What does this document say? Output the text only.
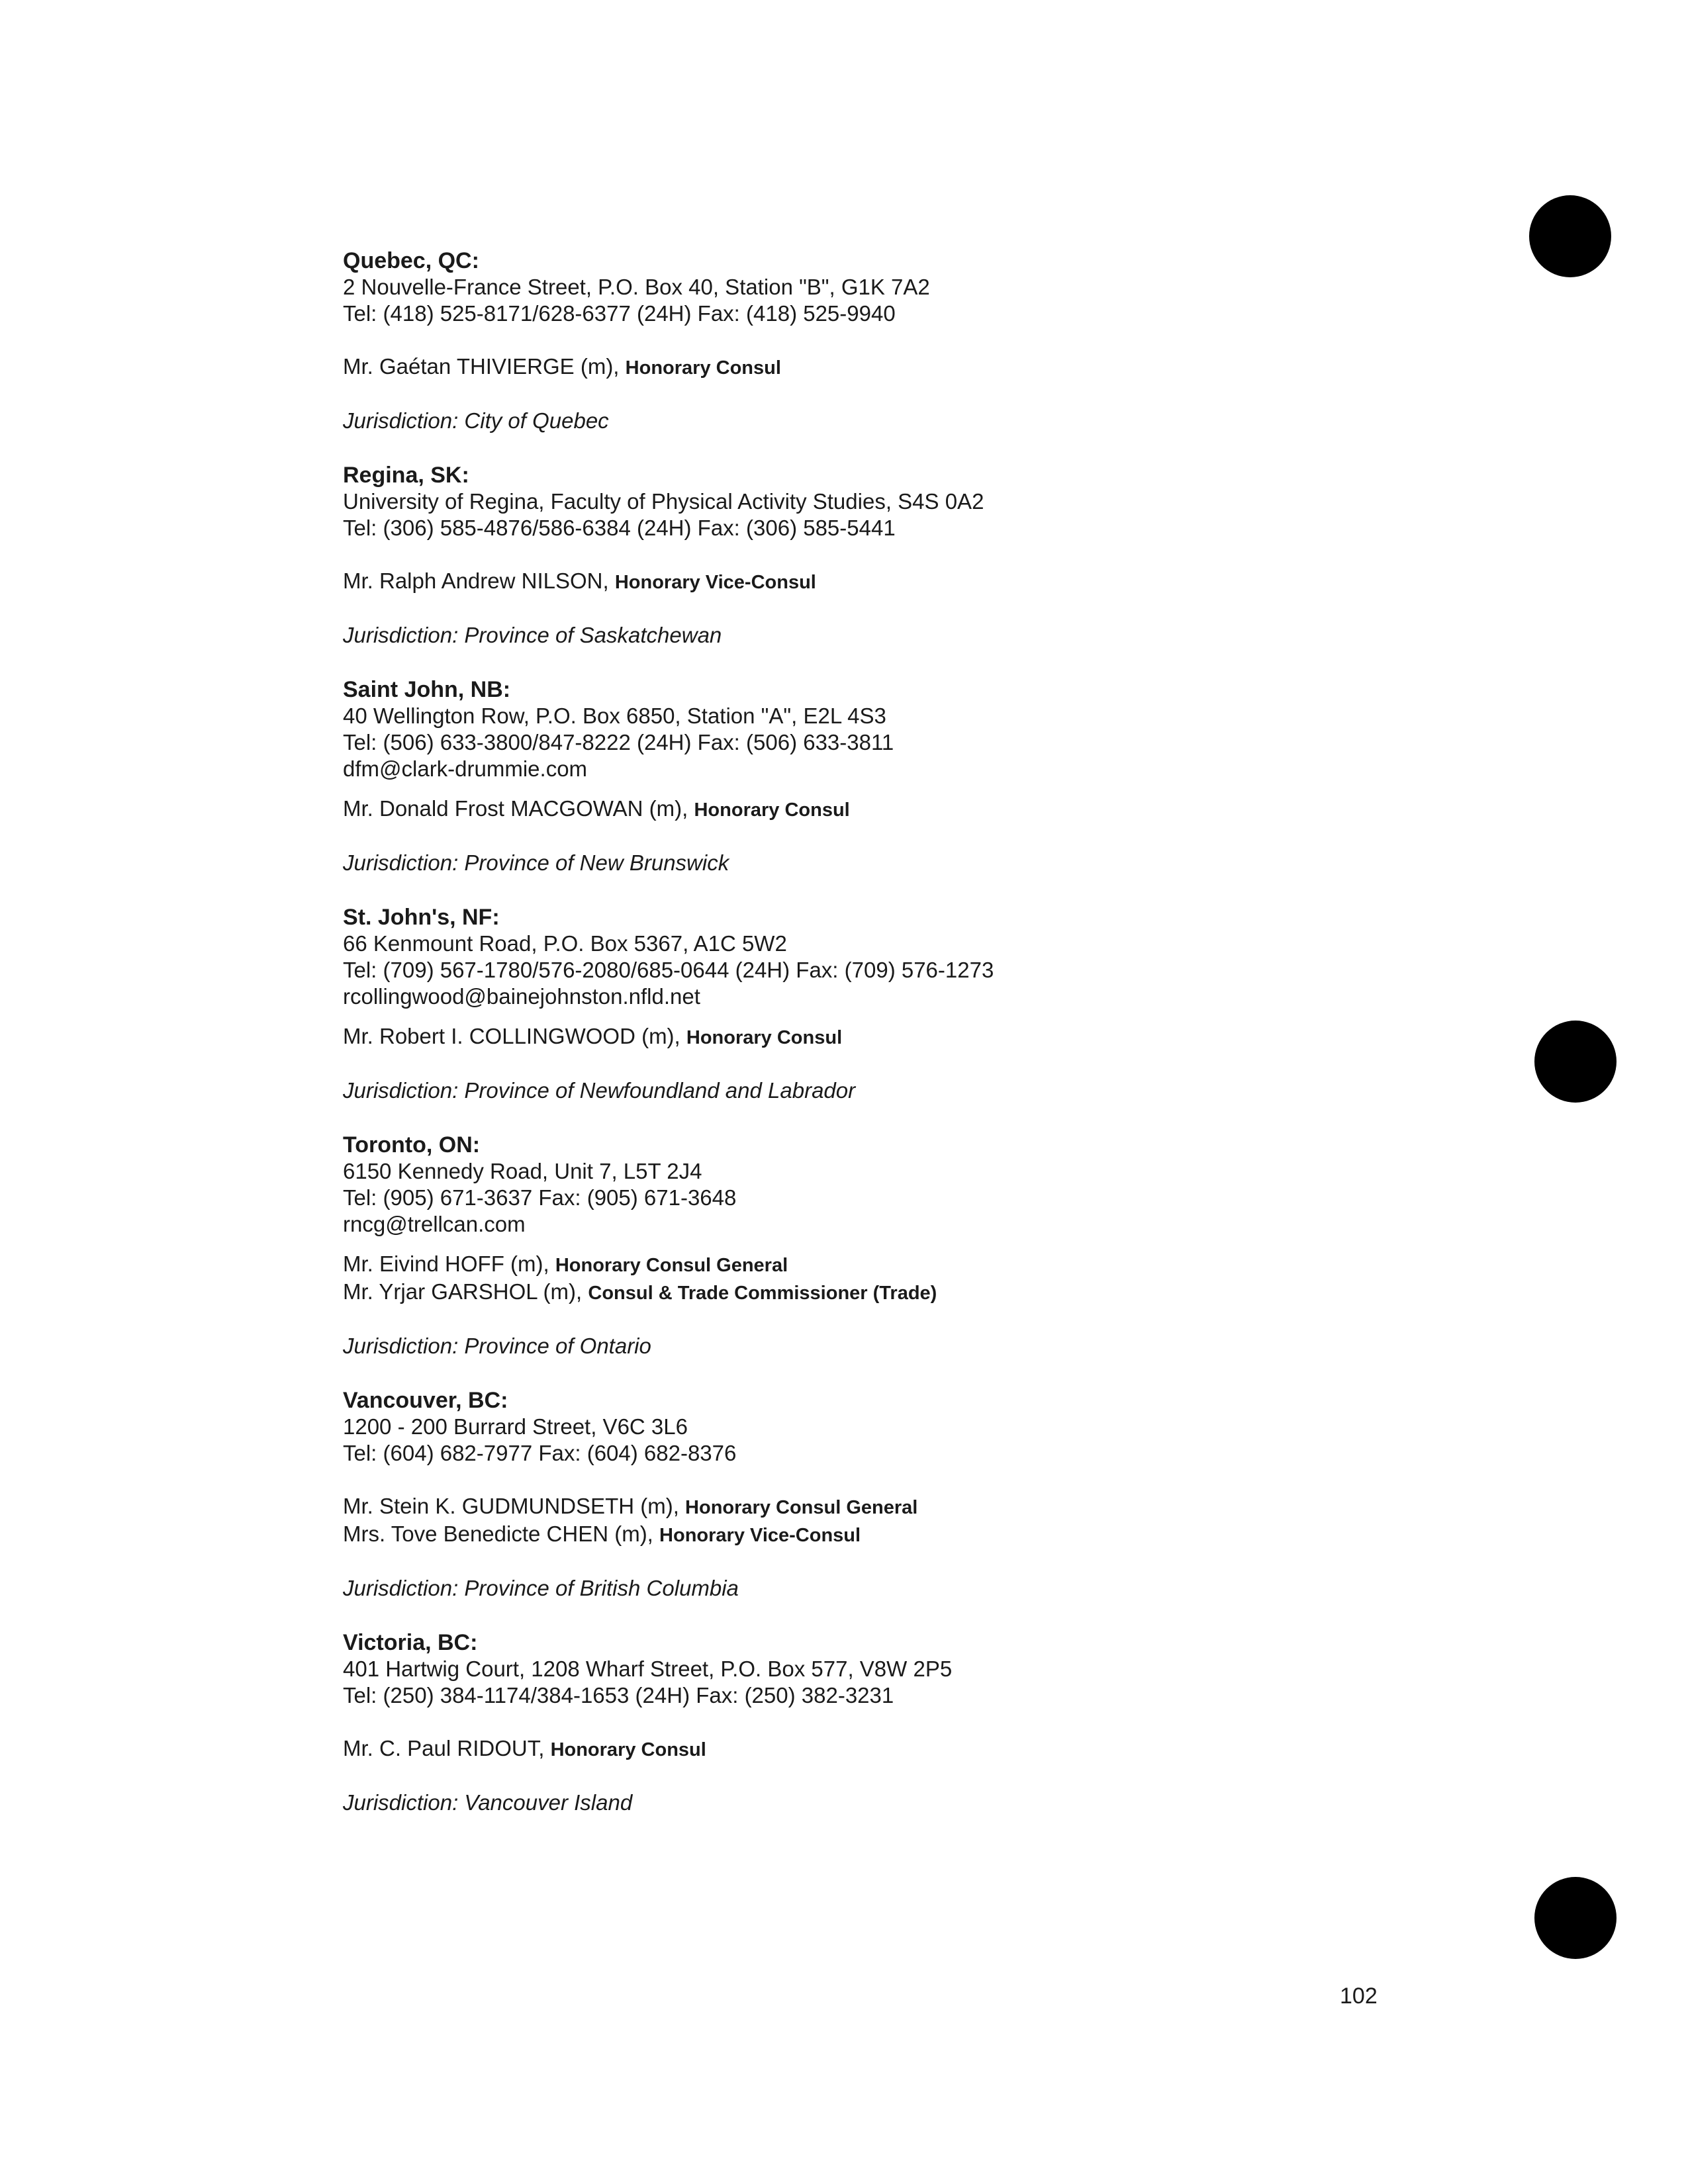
Quebec, QC:
2 Nouvelle-France Street, P.O. Box 40, Station "B", G1K 7A2
Tel: (418) 525-8171/628-6377 (24H) Fax: (418) 525-9940
Mr. Gaétan THIVIERGE (m), Honorary Consul
Jurisdiction: City of Quebec
Regina, SK:
University of Regina, Faculty of Physical Activity Studies, S4S 0A2
Tel: (306) 585-4876/586-6384 (24H) Fax: (306) 585-5441
Mr. Ralph Andrew NILSON, Honorary Vice-Consul
Jurisdiction: Province of Saskatchewan
Saint John, NB:
40 Wellington Row, P.O. Box 6850, Station "A", E2L 4S3
Tel: (506) 633-3800/847-8222 (24H) Fax: (506) 633-3811
dfm@clark-drummie.com
Mr. Donald Frost MACGOWAN (m), Honorary Consul
Jurisdiction: Province of New Brunswick
St. John's, NF:
66 Kenmount Road, P.O. Box 5367, A1C 5W2
Tel: (709) 567-1780/576-2080/685-0644 (24H) Fax: (709) 576-1273
rcollingwood@bainejohnston.nfld.net
Mr. Robert I. COLLINGWOOD (m), Honorary Consul
Jurisdiction: Province of Newfoundland and Labrador
Toronto, ON:
6150 Kennedy Road, Unit 7, L5T 2J4
Tel: (905) 671-3637 Fax: (905) 671-3648
rncg@trellcan.com
Mr. Eivind HOFF (m), Honorary Consul General
Mr. Yrjar GARSHOL (m), Consul & Trade Commissioner (Trade)
Jurisdiction: Province of Ontario
Vancouver, BC:
1200 - 200 Burrard Street, V6C 3L6
Tel: (604) 682-7977 Fax: (604) 682-8376
Mr. Stein K. GUDMUNDSETH (m), Honorary Consul General
Mrs. Tove Benedicte CHEN (m), Honorary Vice-Consul
Jurisdiction: Province of British Columbia
Victoria, BC:
401 Hartwig Court, 1208 Wharf Street, P.O. Box 577, V8W 2P5
Tel: (250) 384-1174/384-1653 (24H) Fax: (250) 382-3231
Mr. C. Paul RIDOUT, Honorary Consul
Jurisdiction: Vancouver Island
102
